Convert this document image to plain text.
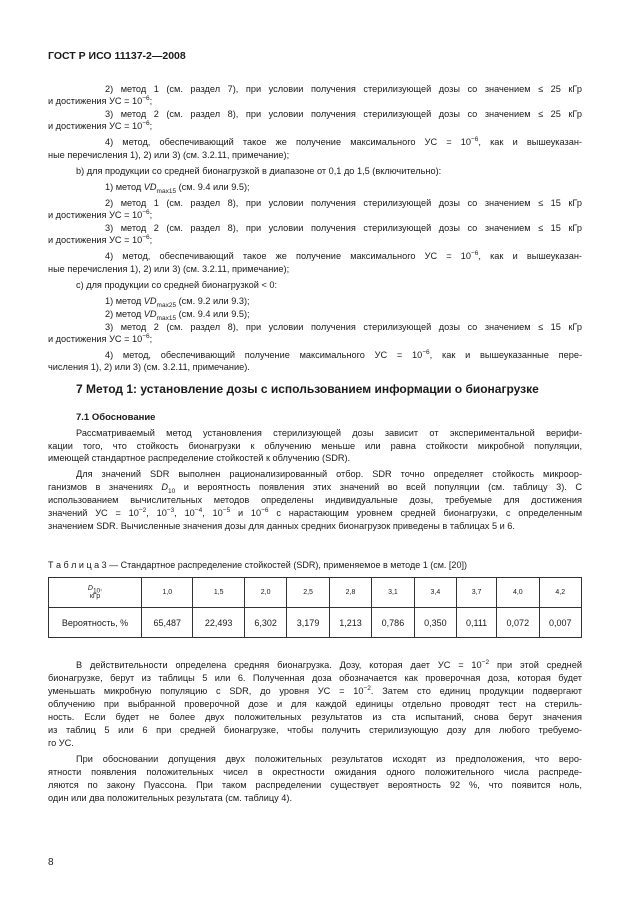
ГОСТ Р ИСО 11137-2—2008
2) метод 1 (см. раздел 7), при условии получения стерилизующей дозы со значением ≤ 25 кГр
и достижения УС = $10^{-6}$;
3) метод 2 (см. раздел 8), при условии получения стерилизующей дозы со значением ≤ 25 кГр
и достижения УС = $10^{-6}$;
4) метод, обеспечивающий такое же получение максимального УС = $10^{-6}$, как и вышеуказан-
ные перечисления 1), 2) или 3) (см. 3.2.11, примечание);
b) для продукции со средней бионагрузкой в диапазоне от 0,1 до 1,5 (включительно):
1) метод $VD_{max15}$ (см. 9.4 или 9.5);
2) метод 1 (см. раздел 8), при условии получения стерилизующей дозы со значением ≤ 15 кГр
и достижения УС = $10^{-6}$;
3) метод 2 (см. раздел 8), при условии получения стерилизующей дозы со значением ≤ 15 кГр
и достижения УС = $10^{-6}$;
4) метод, обеспечивающий такое же получение максимального УС = $10^{-6}$, как и вышеуказан-
ные перечисления 1), 2) или 3) (см. 3.2.11, примечание);
c) для продукции со средней бионагрузкой < 0:
1) метод $VD_{max25}$ (см. 9.2 или 9.3);
2) метод $VD_{max15}$ (см. 9.4 или 9.5);
3) метод 2 (см. раздел 8), при условии получения стерилизующей дозы со значением ≤ 15 кГр
и достижения УС = $10^{-6}$;
4) метод, обеспечивающий получение максимального УС = $10^{-6}$, как и вышеуказанные пере-
числения 1), 2) или 3) (см. 3.2.11, примечание).
7 Метод 1: установление дозы с использованием информации о бионагрузке
7.1 Обоснование
Рассматриваемый метод установления стерилизующей дозы зависит от экспериментальной верифи-
кации того, что стойкость бионагрузки к облучению меньше или равна стойкости микробной популяции,
имеющей стандартное распределение стойкостей к облучению (SDR).
Для значений SDR выполнен рационализированный отбор. SDR точно определяет стойкость микроор-
ганизмов в значениях $D_{10}$ и вероятность появления этих значений во всей популяции (см. таблицу 3). С
использованием вычислительных методов определены индивидуальные дозы, требуемые для достижения
значений УС = $10^{-2}$, $10^{-3}$, $10^{-4}$, $10^{-5}$ и $10^{-6}$ с нарастающим уровнем средней бионагрузки, с определенным
значением SDR. Вычисленные значения дозы для данных средних бионагрузок приведены в таблицах 5 и 6.
Т а б л и ц а 3 — Стандартное распределение стойкостей (SDR), применяемое в методе 1 (см. [20])
$D_{10}$,
кГр	1,0	1,5	2,0	2,5	2,8	3,1	3,4	3,7	4,0	4,2
Вероятность, %	65,487	22,493	6,302	3,179	1,213	0,786	0,350	0,111	0,072	0,007
В действительности определена средняя бионагрузка. Дозу, которая дает УС = $10^{-2}$ при этой средней
бионагрузке, берут из таблицы 5 или 6. Полученная доза обозначается как проверочная доза, которая будет
уменьшать микробную популяцию с SDR, до уровня УС = $10^{-2}$. Затем сто единиц продукции подвергают
облучению при выбранной проверочной дозе и для каждой единицы отдельно проводят тест на стериль-
ность. Если будет не более двух положительных результатов из ста испытаний, снова берут значения
из таблиц 5 или 6 при средней бионагрузке, чтобы получить стерилизующую дозу для любого требуемо-
го УС.
При обосновании допущения двух положительных результатов исходят из предположения, что веро-
ятности появления положительных чисел в окрестности ожидания одного положительного числа распреде-
ляются по закону Пуассона. При таком распределении существует вероятность 92 %, что появится ноль,
один или два положительных результата (см. таблицу 4).
8
